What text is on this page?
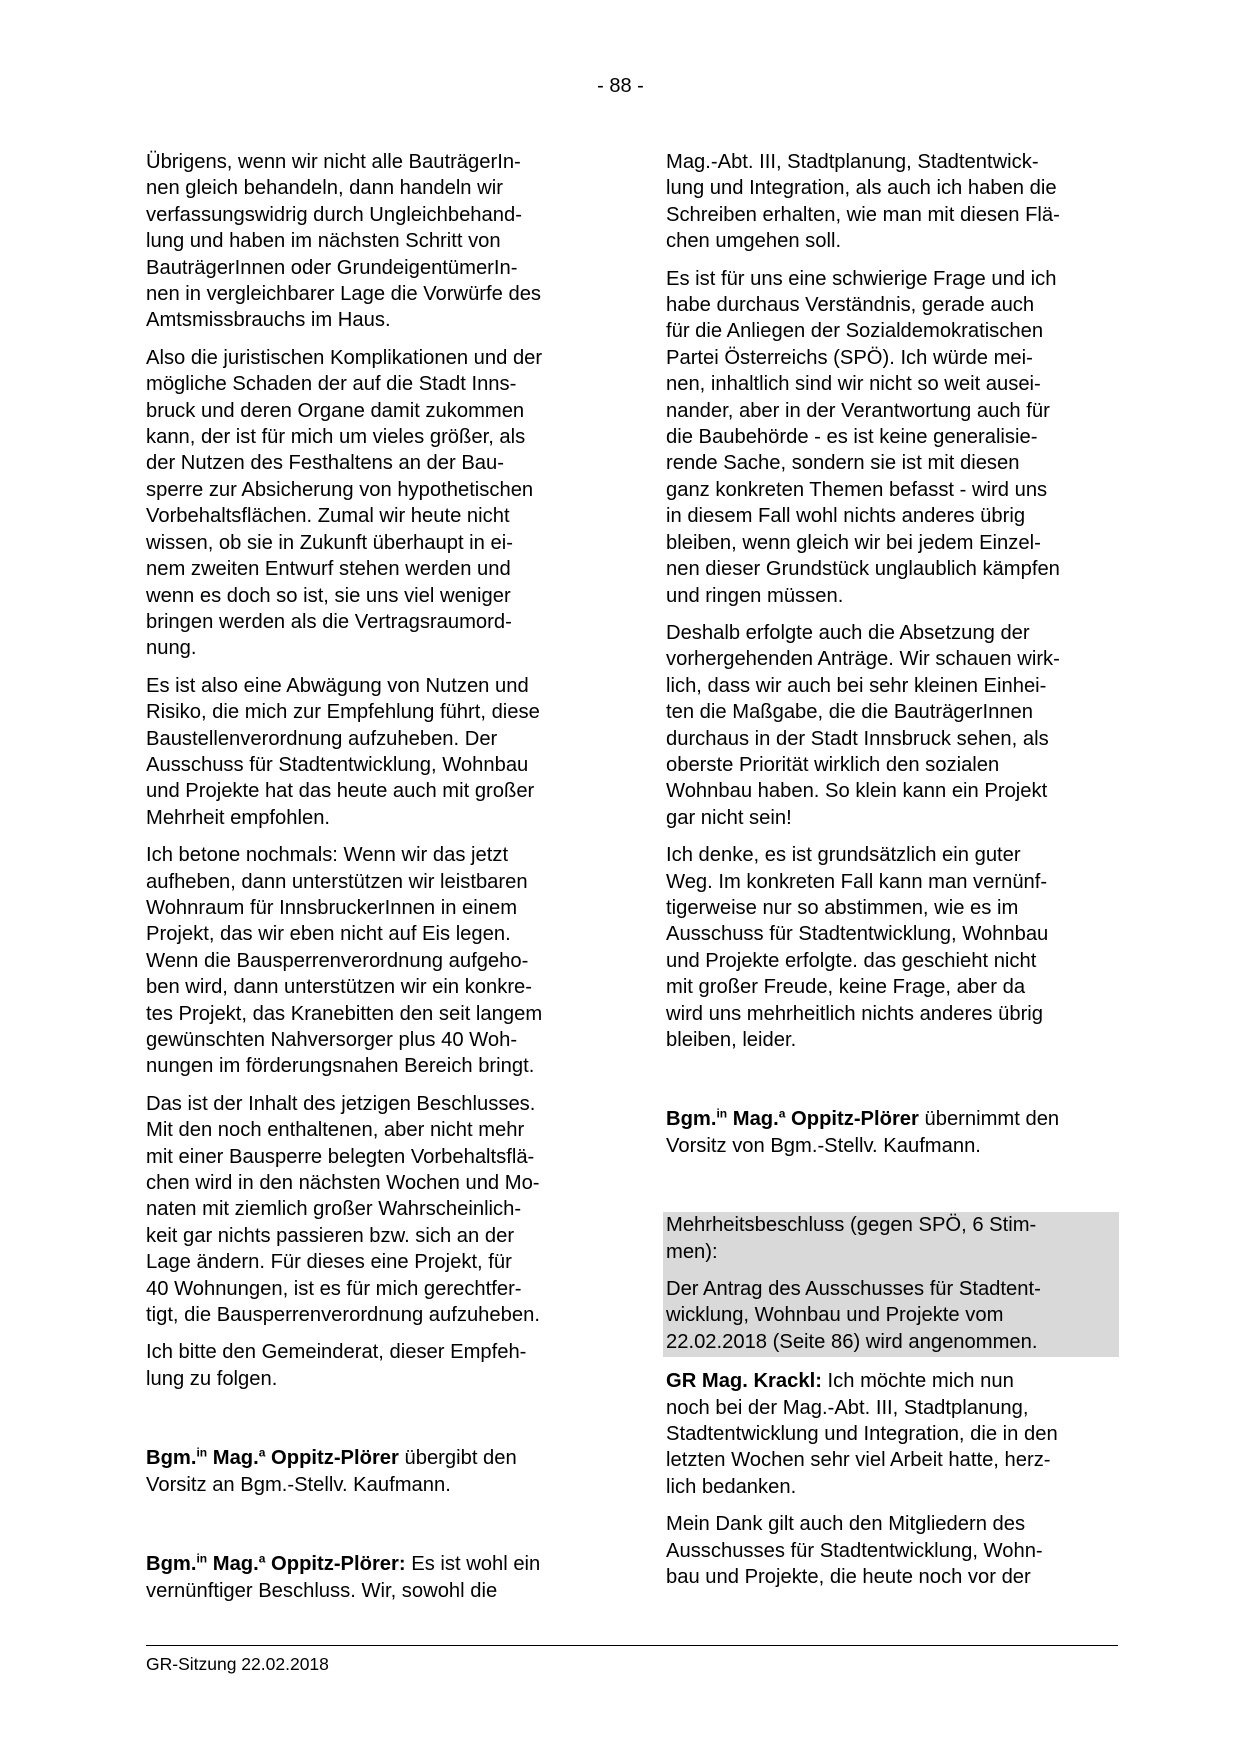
- 88 -

Übrigens, wenn wir nicht alle BauträgerIn-
nen gleich behandeln, dann handeln wir
verfassungswidrig durch Ungleichbehand-
lung und haben im nächsten Schritt von
BauträgerInnen oder GrundeigentümerIn-
nen in vergleichbarer Lage die Vorwürfe des
Amtsmissbrauchs im Haus.

Also die juristischen Komplikationen und der
mögliche Schaden der auf die Stadt Inns-
bruck und deren Organe damit zukommen
kann, der ist für mich um vieles größer, als
der Nutzen des Festhaltens an der Bau-
sperre zur Absicherung von hypothetischen
Vorbehaltsflächen. Zumal wir heute nicht
wissen, ob sie in Zukunft überhaupt in ei-
nem zweiten Entwurf stehen werden und
wenn es doch so ist, sie uns viel weniger
bringen werden als die Vertragsraumord-
nung.

Es ist also eine Abwägung von Nutzen und
Risiko, die mich zur Empfehlung führt, diese
Baustellenverordnung aufzuheben. Der
Ausschuss für Stadtentwicklung, Wohnbau
und Projekte hat das heute auch mit großer
Mehrheit empfohlen.

Ich betone nochmals: Wenn wir das jetzt
aufheben, dann unterstützen wir leistbaren
Wohnraum für InnsbruckerInnen in einem
Projekt, das wir eben nicht auf Eis legen.
Wenn die Bausperrenverordnung aufgeho-
ben wird, dann unterstützen wir ein konkre-
tes Projekt, das Kranebitten den seit langem
gewünschten Nahversorger plus 40 Woh-
nungen im förderungsnahen Bereich bringt.

Das ist der Inhalt des jetzigen Beschlusses.
Mit den noch enthaltenen, aber nicht mehr
mit einer Bausperre belegten Vorbehaltsflä-
chen wird in den nächsten Wochen und Mo-
naten mit ziemlich großer Wahrscheinlich-
keit gar nichts passieren bzw. sich an der
Lage ändern. Für dieses eine Projekt, für
40 Wohnungen, ist es für mich gerechtfer-
tigt, die Bausperrenverordnung aufzuheben.

Ich bitte den Gemeinderat, dieser Empfeh-
lung zu folgen.

Bgm.$^{in}$ Mag.$^a$ Oppitz-Plörer übergibt den
Vorsitz an Bgm.-Stellv. Kaufmann.

Bgm.$^{in}$ Mag.$^a$ Oppitz-Plörer: Es ist wohl ein
vernünftiger Beschluss. Wir, sowohl die

Mag.-Abt. III, Stadtplanung, Stadtentwick-
lung und Integration, als auch ich haben die
Schreiben erhalten, wie man mit diesen Flä-
chen umgehen soll.

Es ist für uns eine schwierige Frage und ich
habe durchaus Verständnis, gerade auch
für die Anliegen der Sozialdemokratischen
Partei Österreichs (SPÖ). Ich würde mei-
nen, inhaltlich sind wir nicht so weit ausei-
nander, aber in der Verantwortung auch für
die Baubehörde - es ist keine generalisie-
rende Sache, sondern sie ist mit diesen
ganz konkreten Themen befasst - wird uns
in diesem Fall wohl nichts anderes übrig
bleiben, wenn gleich wir bei jedem Einzel-
nen dieser Grundstück unglaublich kämpfen
und ringen müssen.

Deshalb erfolgte auch die Absetzung der
vorhergehenden Anträge. Wir schauen wirk-
lich, dass wir auch bei sehr kleinen Einhei-
ten die Maßgabe, die die BauträgerInnen
durchaus in der Stadt Innsbruck sehen, als
oberste Priorität wirklich den sozialen
Wohnbau haben. So klein kann ein Projekt
gar nicht sein!

Ich denke, es ist grundsätzlich ein guter
Weg. Im konkreten Fall kann man vernünf-
tigerweise nur so abstimmen, wie es im
Ausschuss für Stadtentwicklung, Wohnbau
und Projekte erfolgte. das geschieht nicht
mit großer Freude, keine Frage, aber da
wird uns mehrheitlich nichts anderes übrig
bleiben, leider.

Bgm.$^{in}$ Mag.$^a$ Oppitz-Plörer übernimmt den
Vorsitz von Bgm.-Stellv. Kaufmann.

Mehrheitsbeschluss (gegen SPÖ, 6 Stim-
men):

Der Antrag des Ausschusses für Stadtent-
wicklung, Wohnbau und Projekte vom
22.02.2018 (Seite 86) wird angenommen.

GR Mag. Krackl: Ich möchte mich nun
noch bei der Mag.-Abt. III, Stadtplanung,
Stadtentwicklung und Integration, die in den
letzten Wochen sehr viel Arbeit hatte, herz-
lich bedanken.

Mein Dank gilt auch den Mitgliedern des
Ausschusses für Stadtentwicklung, Wohn-
bau und Projekte, die heute noch vor der

GR-Sitzung 22.02.2018
